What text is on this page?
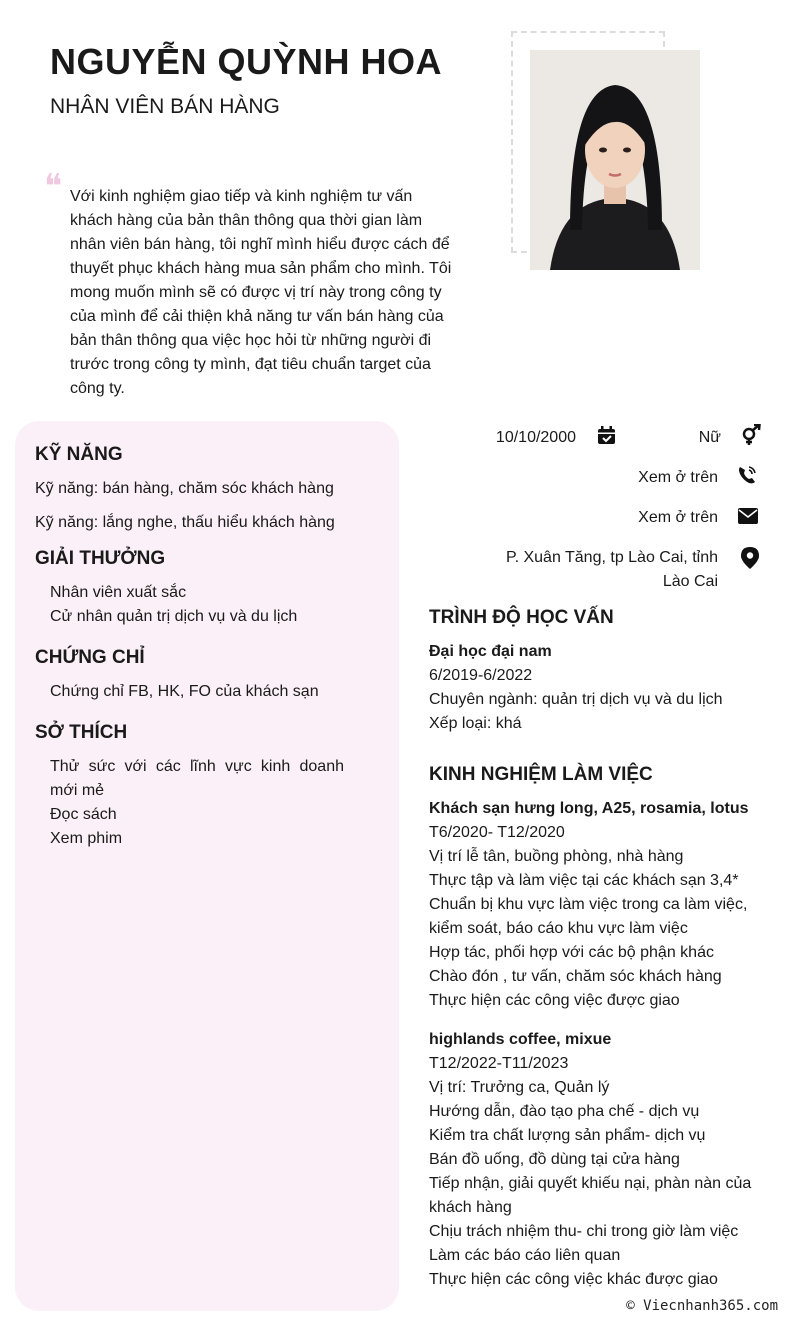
NGUYỄN QUỲNH HOA
NHÂN VIÊN BÁN HÀNG
❝ Với kinh nghiệm giao tiếp và kinh nghiệm tư vấn khách hàng của bản thân thông qua thời gian làm nhân viên bán hàng, tôi nghĩ mình hiểu được cách để thuyết phục khách hàng mua sản phẩm cho mình. Tôi mong muốn mình sẽ có được vị trí này trong công ty của mình để cải thiện khả năng tư vấn bán hàng của bản thân thông qua việc học hỏi từ những người đi trước trong công ty mình, đạt tiêu chuẩn target của công ty.
KỸ NĂNG
Kỹ năng: bán hàng, chăm sóc khách hàng
Kỹ năng: lắng nghe, thấu hiểu khách hàng
GIẢI THƯỞNG
Nhân viên xuất sắc
Cử nhân quản trị dịch vụ và du lịch
CHỨNG CHỈ
Chứng chỉ FB, HK, FO của khách sạn
SỞ THÍCH
Thử sức với các lĩnh vực kinh doanh
mới mẻ
Đọc sách
Xem phim
10/10/2000	Nữ
Xem ở trên
Xem ở trên
P. Xuân Tăng, tp Lào Cai, tỉnh
Lào Cai
TRÌNH ĐỘ HỌC VẤN
Đại học đại nam
6/2019-6/2022
Chuyên ngành: quản trị dịch vụ và du lịch
Xếp loại: khá
KINH NGHIỆM LÀM VIỆC
Khách sạn hưng long, A25, rosamia, lotus
T6/2020- T12/2020
Vị trí lễ tân, buồng phòng, nhà hàng
Thực tập và làm việc tại các khách sạn 3,4*
Chuẩn bị khu vực làm việc trong ca làm việc,
kiểm soát, báo cáo khu vực làm việc
Hợp tác, phối hợp với các bộ phận khác
Chào đón , tư vấn, chăm sóc khách hàng
Thực hiện các công việc được giao
highlands coffee, mixue
T12/2022-T11/2023
Vị trí: Trưởng ca, Quản lý
Hướng dẫn, đào tạo pha chế - dịch vụ
Kiểm tra chất lượng sản phẩm- dịch vụ
Bán đồ uống, đồ dùng tại cửa hàng
Tiếp nhận, giải quyết khiếu nại, phàn nàn của
khách hàng
Chịu trách nhiệm thu- chi trong giờ làm việc
Làm các báo cáo liên quan
Thực hiện các công việc khác được giao
© Viecnhanh365.com
